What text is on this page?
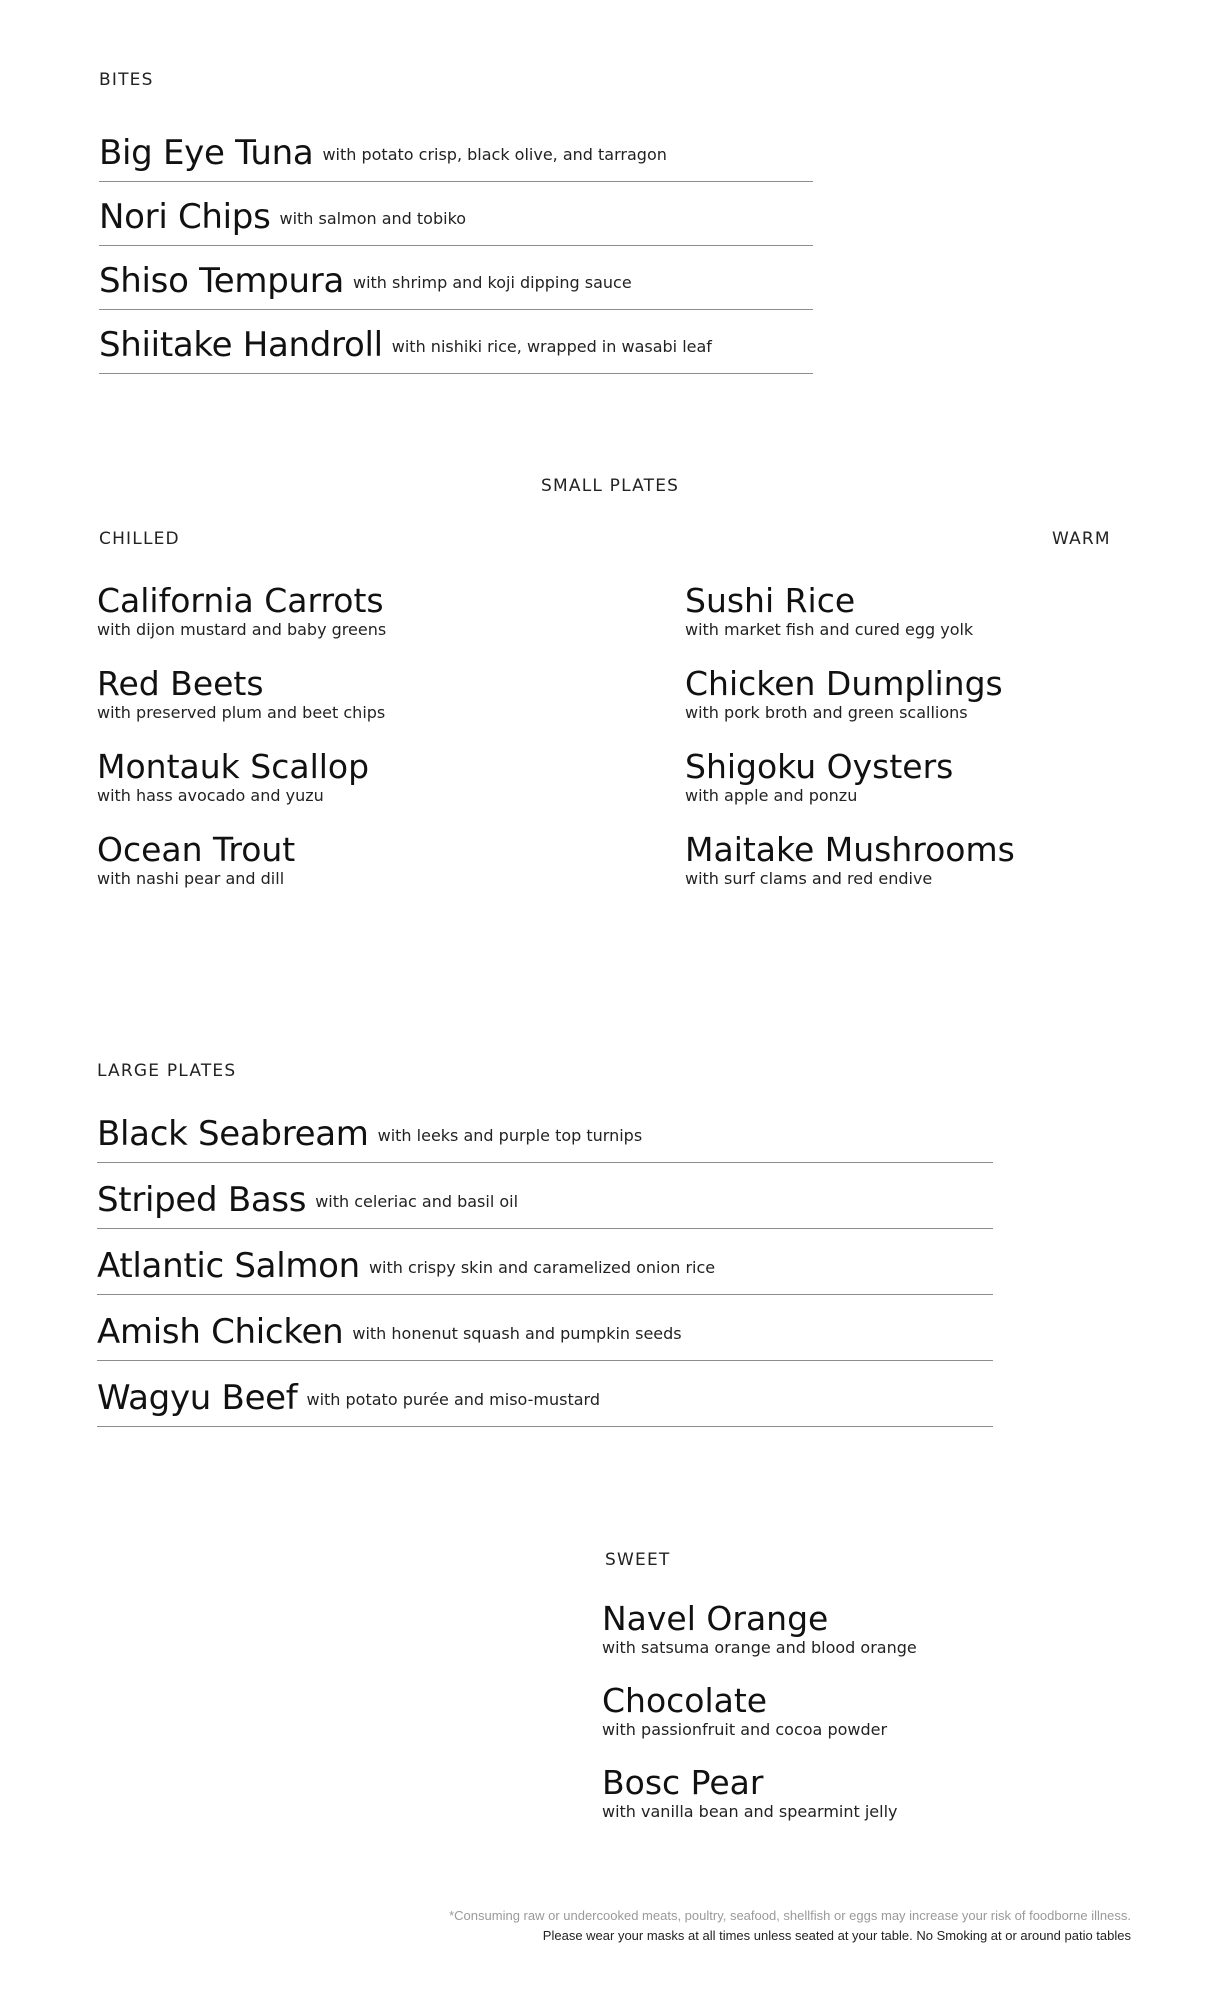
BITES
Big Eye Tuna with potato crisp, black olive, and tarragon
Nori Chips with salmon and tobiko
Shiso Tempura with shrimp and koji dipping sauce
Shiitake Handroll with nishiki rice, wrapped in wasabi leaf
SMALL PLATES
CHILLED	WARM
California Carrots
with dijon mustard and baby greens
Red Beets
with preserved plum and beet chips
Montauk Scallop
with hass avocado and yuzu
Ocean Trout
with nashi pear and dill
Sushi Rice
with market fish and cured egg yolk
Chicken Dumplings
with pork broth and green scallions
Shigoku Oysters
with apple and ponzu
Maitake Mushrooms
with surf clams and red endive
LARGE PLATES
Black Seabream with leeks and purple top turnips
Striped Bass with celeriac and basil oil
Atlantic Salmon with crispy skin and caramelized onion rice
Amish Chicken with honenut squash and pumpkin seeds
Wagyu Beef with potato purée and miso-mustard
SWEET
Navel Orange
with satsuma orange and blood orange
Chocolate
with passionfruit and cocoa powder
Bosc Pear
with vanilla bean and spearmint jelly
*Consuming raw or undercooked meats, poultry, seafood, shellfish or eggs may increase your risk of foodborne illness.
Please wear your masks at all times unless seated at your table. No Smoking at or around patio tables
